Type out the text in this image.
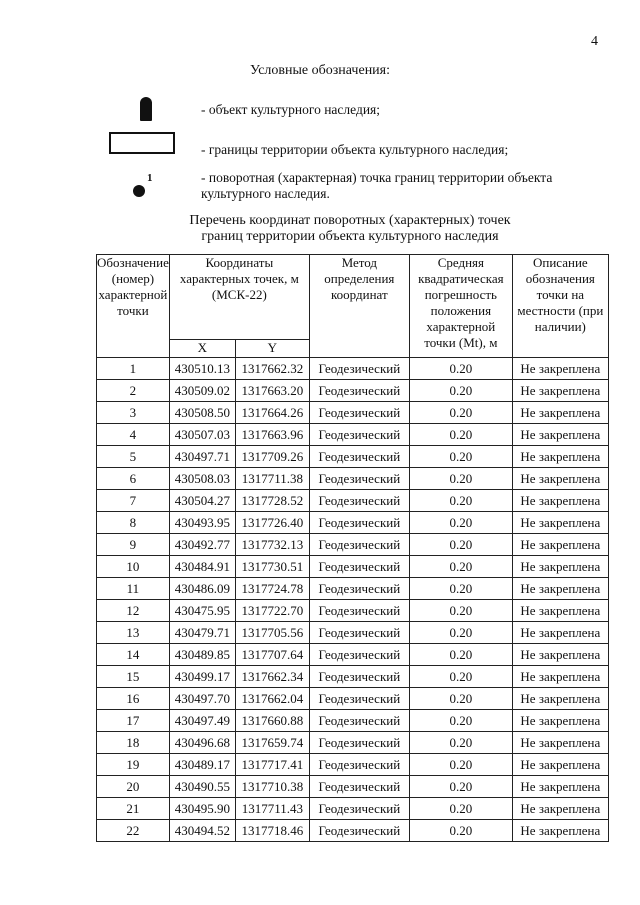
4
Условные обозначения:
- объект культурного наследия;
- границы территории объекта культурного наследия;
1	- поворотная (характерная) точка границ территории объекта
культурного наследия.
Перечень координат поворотных (характерных) точек
границ территории объекта культурного наследия
Обозначение (номер) характерной точки	Координаты характерных точек, м (МСК-22)		Метод определения координат	Средняя квадратическая погрешность положения характерной точки (Mt), м	Описание обозначения точки на местности (при наличии)
	X	Y			
1	430510.13	1317662.32	Геодезический	0.20	Не закреплена
2	430509.02	1317663.20	Геодезический	0.20	Не закреплена
3	430508.50	1317664.26	Геодезический	0.20	Не закреплена
4	430507.03	1317663.96	Геодезический	0.20	Не закреплена
5	430497.71	1317709.26	Геодезический	0.20	Не закреплена
6	430508.03	1317711.38	Геодезический	0.20	Не закреплена
7	430504.27	1317728.52	Геодезический	0.20	Не закреплена
8	430493.95	1317726.40	Геодезический	0.20	Не закреплена
9	430492.77	1317732.13	Геодезический	0.20	Не закреплена
10	430484.91	1317730.51	Геодезический	0.20	Не закреплена
11	430486.09	1317724.78	Геодезический	0.20	Не закреплена
12	430475.95	1317722.70	Геодезический	0.20	Не закреплена
13	430479.71	1317705.56	Геодезический	0.20	Не закреплена
14	430489.85	1317707.64	Геодезический	0.20	Не закреплена
15	430499.17	1317662.34	Геодезический	0.20	Не закреплена
16	430497.70	1317662.04	Геодезический	0.20	Не закреплена
17	430497.49	1317660.88	Геодезический	0.20	Не закреплена
18	430496.68	1317659.74	Геодезический	0.20	Не закреплена
19	430489.17	1317717.41	Геодезический	0.20	Не закреплена
20	430490.55	1317710.38	Геодезический	0.20	Не закреплена
21	430495.90	1317711.43	Геодезический	0.20	Не закреплена
22	430494.52	1317718.46	Геодезический	0.20	Не закреплена
